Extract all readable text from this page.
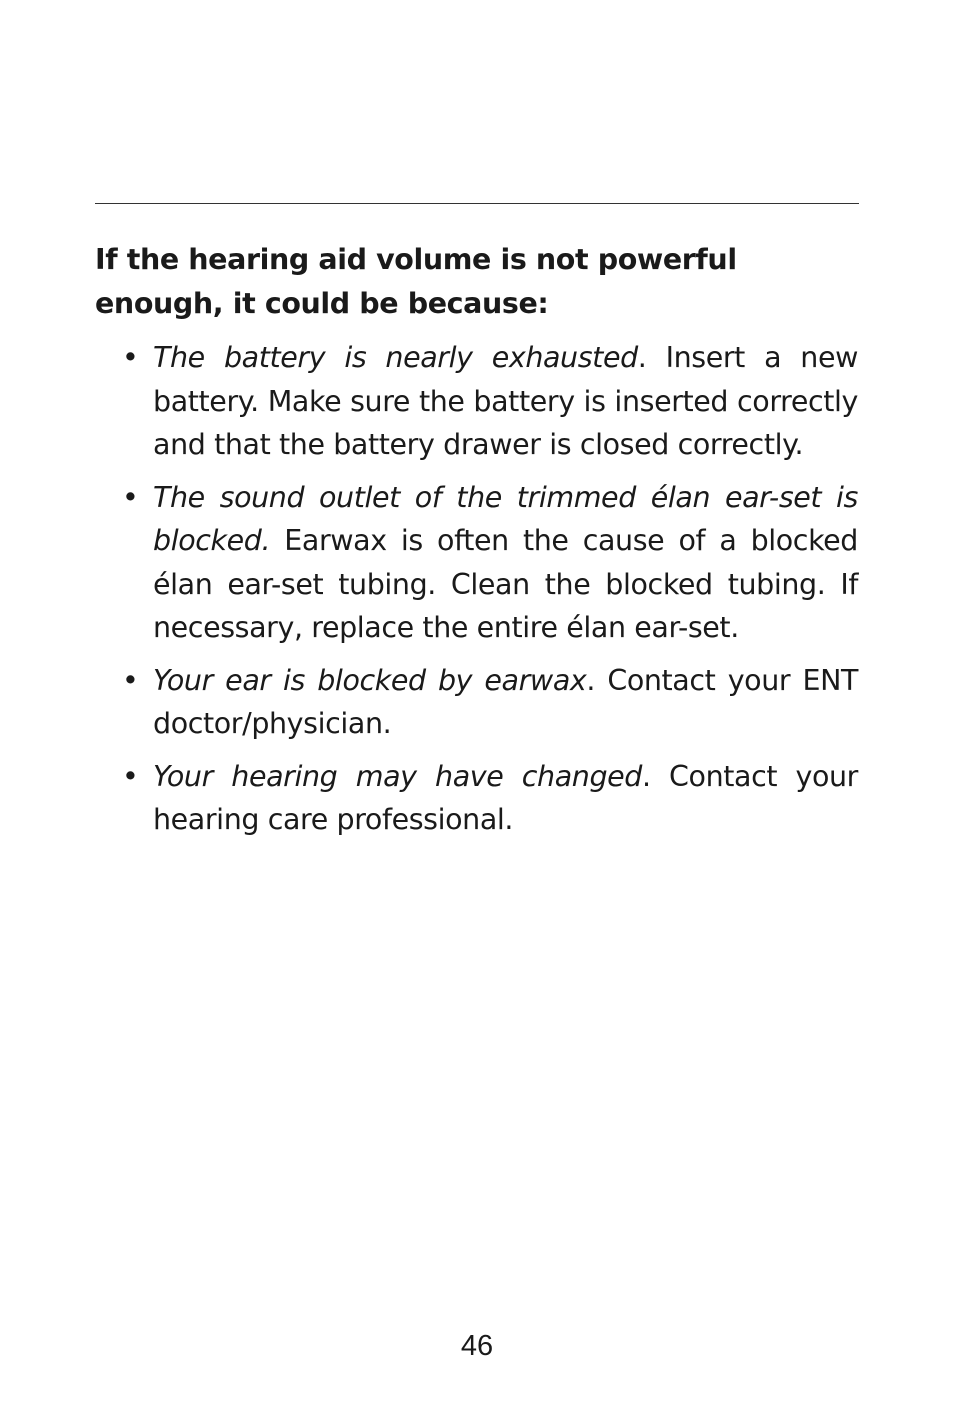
If the hearing aid volume is not powerful enough, it could be because:

• The battery is nearly exhausted. Insert a new battery. Make sure the battery is inserted correctly and that the battery drawer is closed correctly.
• The sound outlet of the trimmed élan ear-set is blocked. Earwax is often the cause of a blocked élan ear-set tubing. Clean the blocked tubing. If necessary, replace the entire élan ear-set.
• Your ear is blocked by earwax. Contact your ENT doctor/physician.
• Your hearing may have changed. Contact your hearing care professional.
46
